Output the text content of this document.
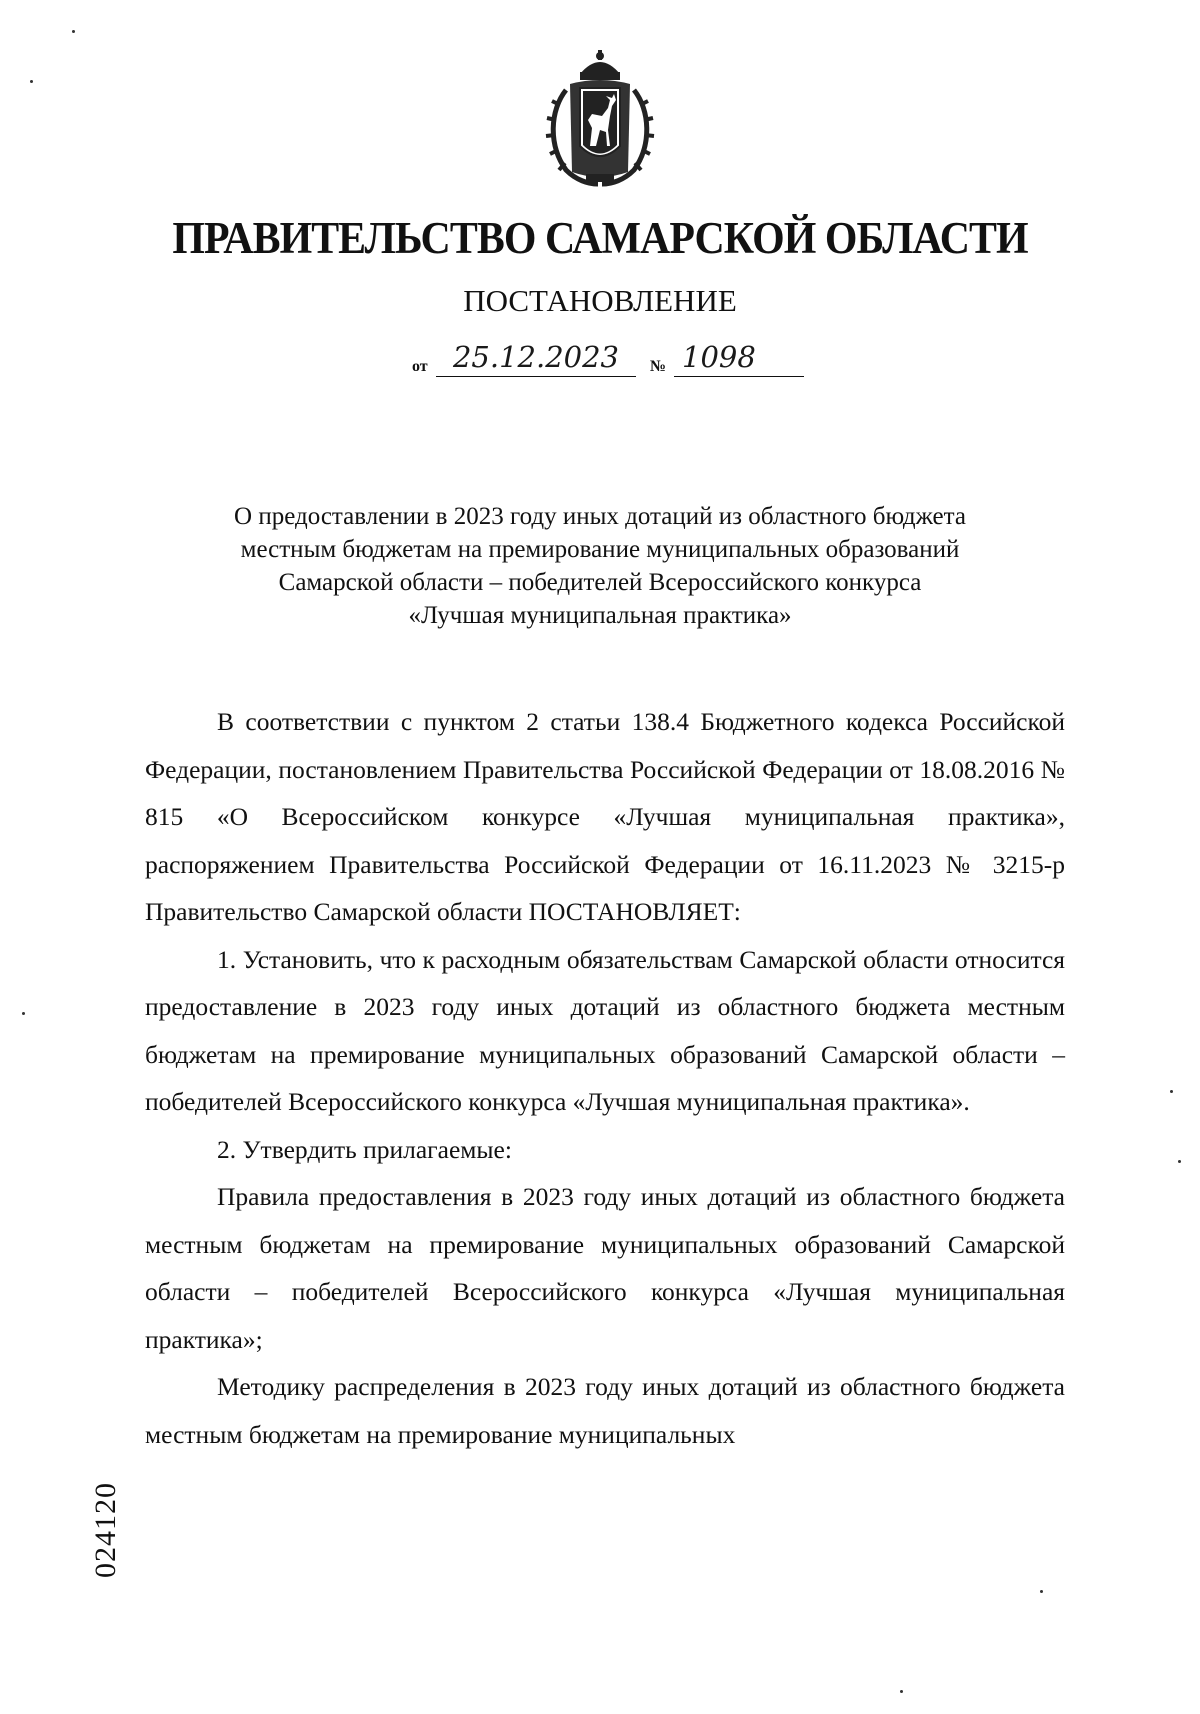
ПРАВИТЕЛЬСТВО САМАРСКОЙ ОБЛАСТИ
ПОСТАНОВЛЕНИЕ
от 25.12.2023	№ 1098
О предоставлении в 2023 году иных дотаций из областного бюджета
местным бюджетам на премирование муниципальных образований
Самарской области – победителей Всероссийского конкурса
«Лучшая муниципальная практика»

В соответствии с пунктом 2 статьи 138.4 Бюджетного кодекса Российской Федерации, постановлением Правительства Российской Федерации от 18.08.2016 № 815 «О Всероссийском конкурсе «Лучшая муниципальная практика», распоряжением Правительства Российской Федерации от 16.11.2023 № 3215-р Правительство Самарской области ПОСТАНОВЛЯЕТ:

1. Установить, что к расходным обязательствам Самарской области относится предоставление в 2023 году иных дотаций из областного бюджета местным бюджетам на премирование муниципальных образований Самарской области – победителей Всероссийского конкурса «Лучшая муниципальная практика».

2. Утвердить прилагаемые:

Правила предоставления в 2023 году иных дотаций из областного бюджета местным бюджетам на премирование муниципальных образований Самарской области – победителей Всероссийского конкурса «Лучшая муниципальная практика»;

Методику распределения в 2023 году иных дотаций из областного бюджета местным бюджетам на премирование муниципальных

024120
